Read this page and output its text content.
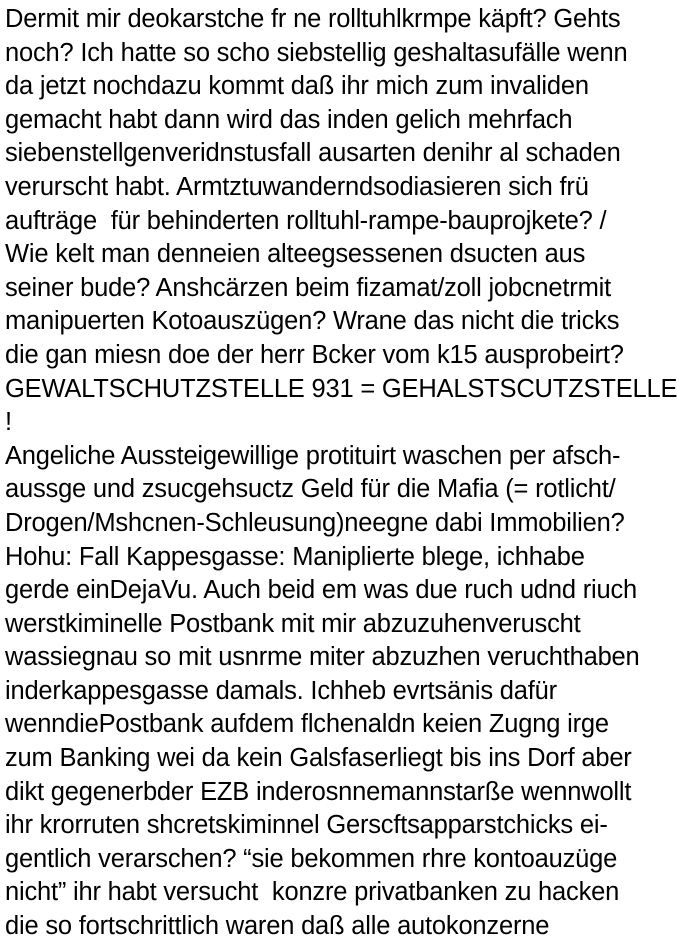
Dermit mir deokarstche fr ne rolltuhlkrmpe käpft? Gehts
noch? Ich hatte so scho siebstellig geshaltasufälle wenn
da jetzt nochdazu kommt daß ihr mich zum invaliden
gemacht habt dann wird das inden gelich mehrfach
siebenstellgenveridnstusfall ausarten denihr al schaden
verurscht habt. Armtztuwanderndsodiasieren sich frü
aufträge  für behinderten rolltuhl-rampe-bauprojkete? /
Wie kelt man denneien alteegsessenen dsucten aus
seiner bude? Anshcärzen beim fizamat/zoll jobcnetrmit
manipuerten Kotoauszügen? Wrane das nicht die tricks
die gan miesn doe der herr Bcker vom k15 ausprobeirt?
GEWALTSCHUTZSTELLE 931 = GEHALSTSCUTZSTELLE !
Angeliche Aussteigewillige protituirt waschen per afsch-
aussge und zsucgehsuctz Geld für die Mafia (= rotlicht/
Drogen/Mshcnen-Schleusung)neegne dabi Immobilien?
Hohu: Fall Kappesgasse: Maniplierte blege, ichhabe
gerde einDejaVu. Auch beid em was due ruch udnd riuch
werstkiminelle Postbank mit mir abzuzuhenveruscht
wassiegnau so mit usnrme miter abzuzhen veruchthaben
inderkappesgasse damals. Ichheb evrtsänis dafür
wenndiePostbank aufdem flchenaldn keien Zugng irge
zum Banking wei da kein Galsfaserliegt bis ins Dorf aber
dikt gegenerbder EZB inderosnnemannstarße wennwollt
ihr krorruten shcretskiminnel Gerscftsapparstchicks ei-
gentlich verarschen? “sie bekommen rhre kontoauzüge
nicht” ihr habt versucht  konzre privatbanken zu hacken
die so fortschrittlich waren daß alle autokonzerne
